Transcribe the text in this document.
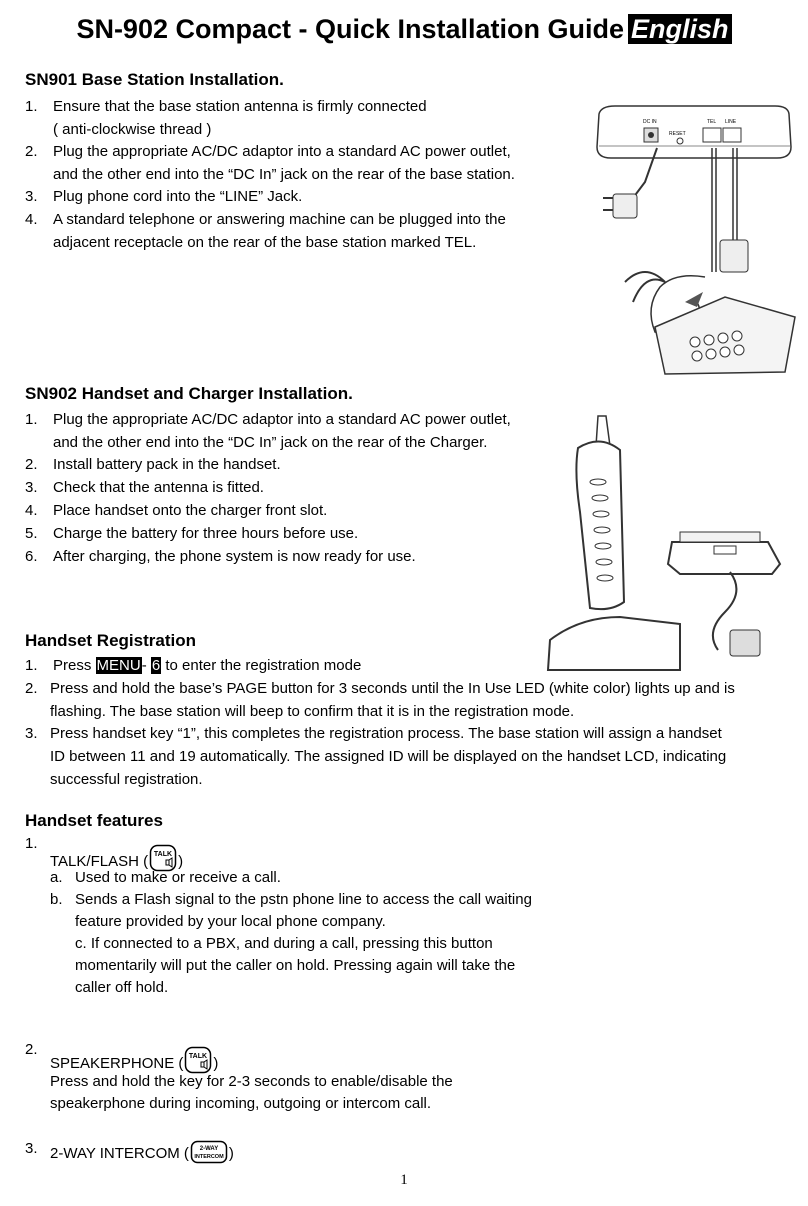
SN-902 Compact - Quick Installation Guide English
SN901 Base Station Installation.
1. Ensure that the base station antenna is firmly connected
( anti-clockwise thread )
2. Plug the appropriate AC/DC adaptor into a standard AC power outlet,
and the other end into the “DC In” jack on the rear of the base station.
3. Plug phone cord into the “LINE” Jack.
4. A standard telephone or answering machine can be plugged into the
adjacent receptacle on the rear of the base station marked TEL.
DC IN
RESET
TEL LINE
SN902 Handset and Charger Installation.
1. Plug the appropriate AC/DC adaptor into a standard AC power outlet,
and the other end into the “DC In” jack on the rear of the Charger.
2. Install battery pack in the handset.
3. Check that the antenna is fitted.
4. Place handset onto the charger front slot.
5. Charge the battery for three hours before use.
6. After charging, the phone system is now ready for use.
Handset Registration
1. Press MENU- 6 to enter the registration mode
2. Press and hold the base’s PAGE button for 3 seconds until the In Use LED (white color) lights up and is
flashing. The base station will beep to confirm that it is in the registration mode.
3. Press handset key “1”, this completes the registration process. The base station will assign a handset
ID between 11 and 19 automatically. The assigned ID will be displayed on the handset LCD, indicating
successful registration.
Handset features
1.
TALK/FLASH ( TALK )
a. Used to make or receive a call.
b. Sends a Flash signal to the pstn phone line to access the call waiting
feature provided by your local phone company.
c. If connected to a PBX, and during a call, pressing this button
momentarily will put the caller on hold. Pressing again will take the
caller off hold.
2.
SPEAKERPHONE ( TALK )
Press and hold the key for 2-3 seconds to enable/disable the
speakerphone during incoming, outgoing or intercom call.
3. 2-WAY INTERCOM ( 2-WAY
INTERCOM )
1
